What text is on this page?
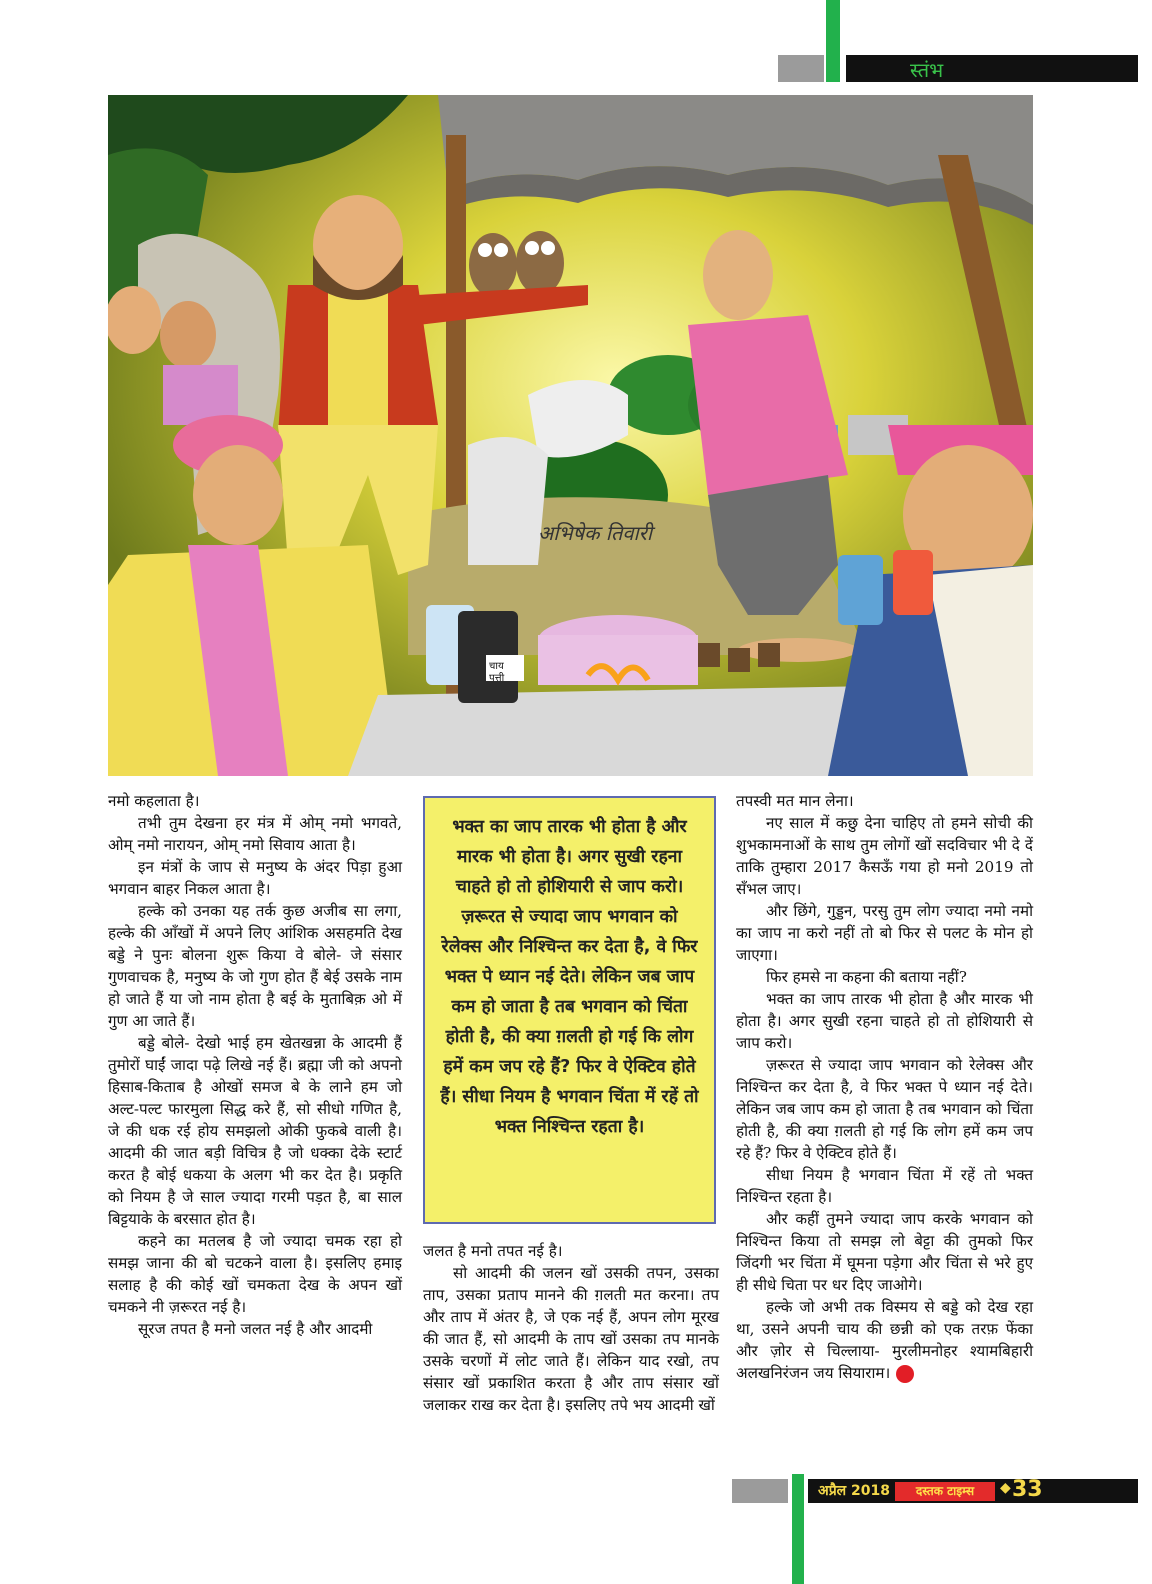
स्तंभ
चाय
पत्ती
अभिषेक तिवारी

नमो कहलाता है।

तभी तुम देखना हर मंत्र में ओम् नमो भगवते, ओम् नमो नारायन, ओम् नमो सिवाय आता है।

इन मंत्रों के जाप से मनुष्य के अंदर पिड़ा हुआ भगवान बाहर निकल आता है।

हल्के को उनका यह तर्क कुछ अजीब सा लगा, हल्के की आँखों में अपने लिए आंशिक असहमति देख बड्डे ने पुनः बोलना शुरू किया वे बोले- जे संसार गुणवाचक है, मनुष्य के जो गुण होत हैं बेई उसके नाम हो जाते हैं या जो नाम होता है बई के मुताबिक़ ओ में गुण आ जाते हैं।

बड्डे बोले- देखो भाई हम खेतखन्ना के आदमी हैं तुमोरों घाईं जादा पढ़े लिखे नई हैं। ब्रह्मा जी को अपनो हिसाब-किताब है ओखों समज बे के लाने हम जो अल्ट-पल्ट फारमुला सिद्ध करे हैं, सो सीधो गणित है, जे की धक रई होय समझलो ओकी फुकबे वाली है। आदमी की जात बड़ी विचित्र है जो धक्का देके स्टार्ट करत है बोई धकया के अलग भी कर देत है। प्रकृति को नियम है जे साल ज्यादा गरमी पड़त है, बा साल बिट्टयाके के बरसात होत है।

कहने का मतलब है जो ज्यादा चमक रहा हो समझ जाना की बो चटकने वाला है। इसलिए हमाइ सलाह है की कोई खों चमकता देख के अपन खों चमकने नी ज़रूरत नई है।

सूरज तपत है मनो जलत नई है और आदमी

भक्त का जाप तारक भी होता है और मारक भी होता है। अगर सुखी रहना चाहते हो तो होशियारी से जाप करो। ज़रूरत से ज्यादा जाप भगवान को रेलेक्स और निश्चिन्त कर देता है, वे फिर भक्त पे ध्यान नई देते। लेकिन जब जाप कम हो जाता है तब भगवान को चिंता होती है, की क्या ग़लती हो गई कि लोग हमें कम जप रहे हैं? फिर वे ऐक्टिव होते हैं। सीधा नियम है भगवान चिंता में रहें तो भक्त निश्चिन्त रहता है।

जलत है मनो तपत नई है।

सो आदमी की जलन खों उसकी तपन, उसका ताप, उसका प्रताप मानने की ग़लती मत करना। तप और ताप में अंतर है, जे एक नई हैं, अपन लोग मूरख की जात हैं, सो आदमी के ताप खों उसका तप मानके उसके चरणों में लोट जाते हैं। लेकिन याद रखो, तप संसार खों प्रकाशित करता है और ताप संसार खों जलाकर राख कर देता है। इसलिए तपे भय आदमी खों

तपस्वी मत मान लेना।

नए साल में कछु देना चाहिए तो हमने सोची की शुभकामनाओं के साथ तुम लोगों खों सदविचार भी दे दें ताकि तुम्हारा 2017 कैसऊँ गया हो मनो 2019 तो सँभल जाए।

और छिंगे, गुड्डन, परसु तुम लोग ज्यादा नमो नमो का जाप ना करो नहीं तो बो फिर से पलट के मोन हो जाएगा।

फिर हमसे ना कहना की बताया नहीं?

भक्त का जाप तारक भी होता है और मारक भी होता है। अगर सुखी रहना चाहते हो तो होशियारी से जाप करो।

ज़रूरत से ज्यादा जाप भगवान को रेलेक्स और निश्चिन्त कर देता है, वे फिर भक्त पे ध्यान नई देते। लेकिन जब जाप कम हो जाता है तब भगवान को चिंता होती है, की क्या ग़लती हो गई कि लोग हमें कम जप रहे हैं? फिर वे ऐक्टिव होते हैं।

सीधा नियम है भगवान चिंता में रहें तो भक्त निश्चिन्त रहता है।

और कहीं तुमने ज्यादा जाप करके भगवान को निश्चिन्त किया तो समझ लो बेट्टा की तुमको फिर जिंदगी भर चिंता में घूमना पड़ेगा और चिंता से भरे हुए ही सीधे चिता पर धर दिए जाओगे।

हल्के जो अभी तक विस्मय से बड्डे को देख रहा था, उसने अपनी चाय की छन्नी को एक तरफ़ फेंका और ज़ोर से चिल्लाया- मुरलीमनोहर श्यामबिहारी अलखनिरंजन जय सियाराम।

अप्रैल 2018	दस्तक टाइम्स	◆ 33
